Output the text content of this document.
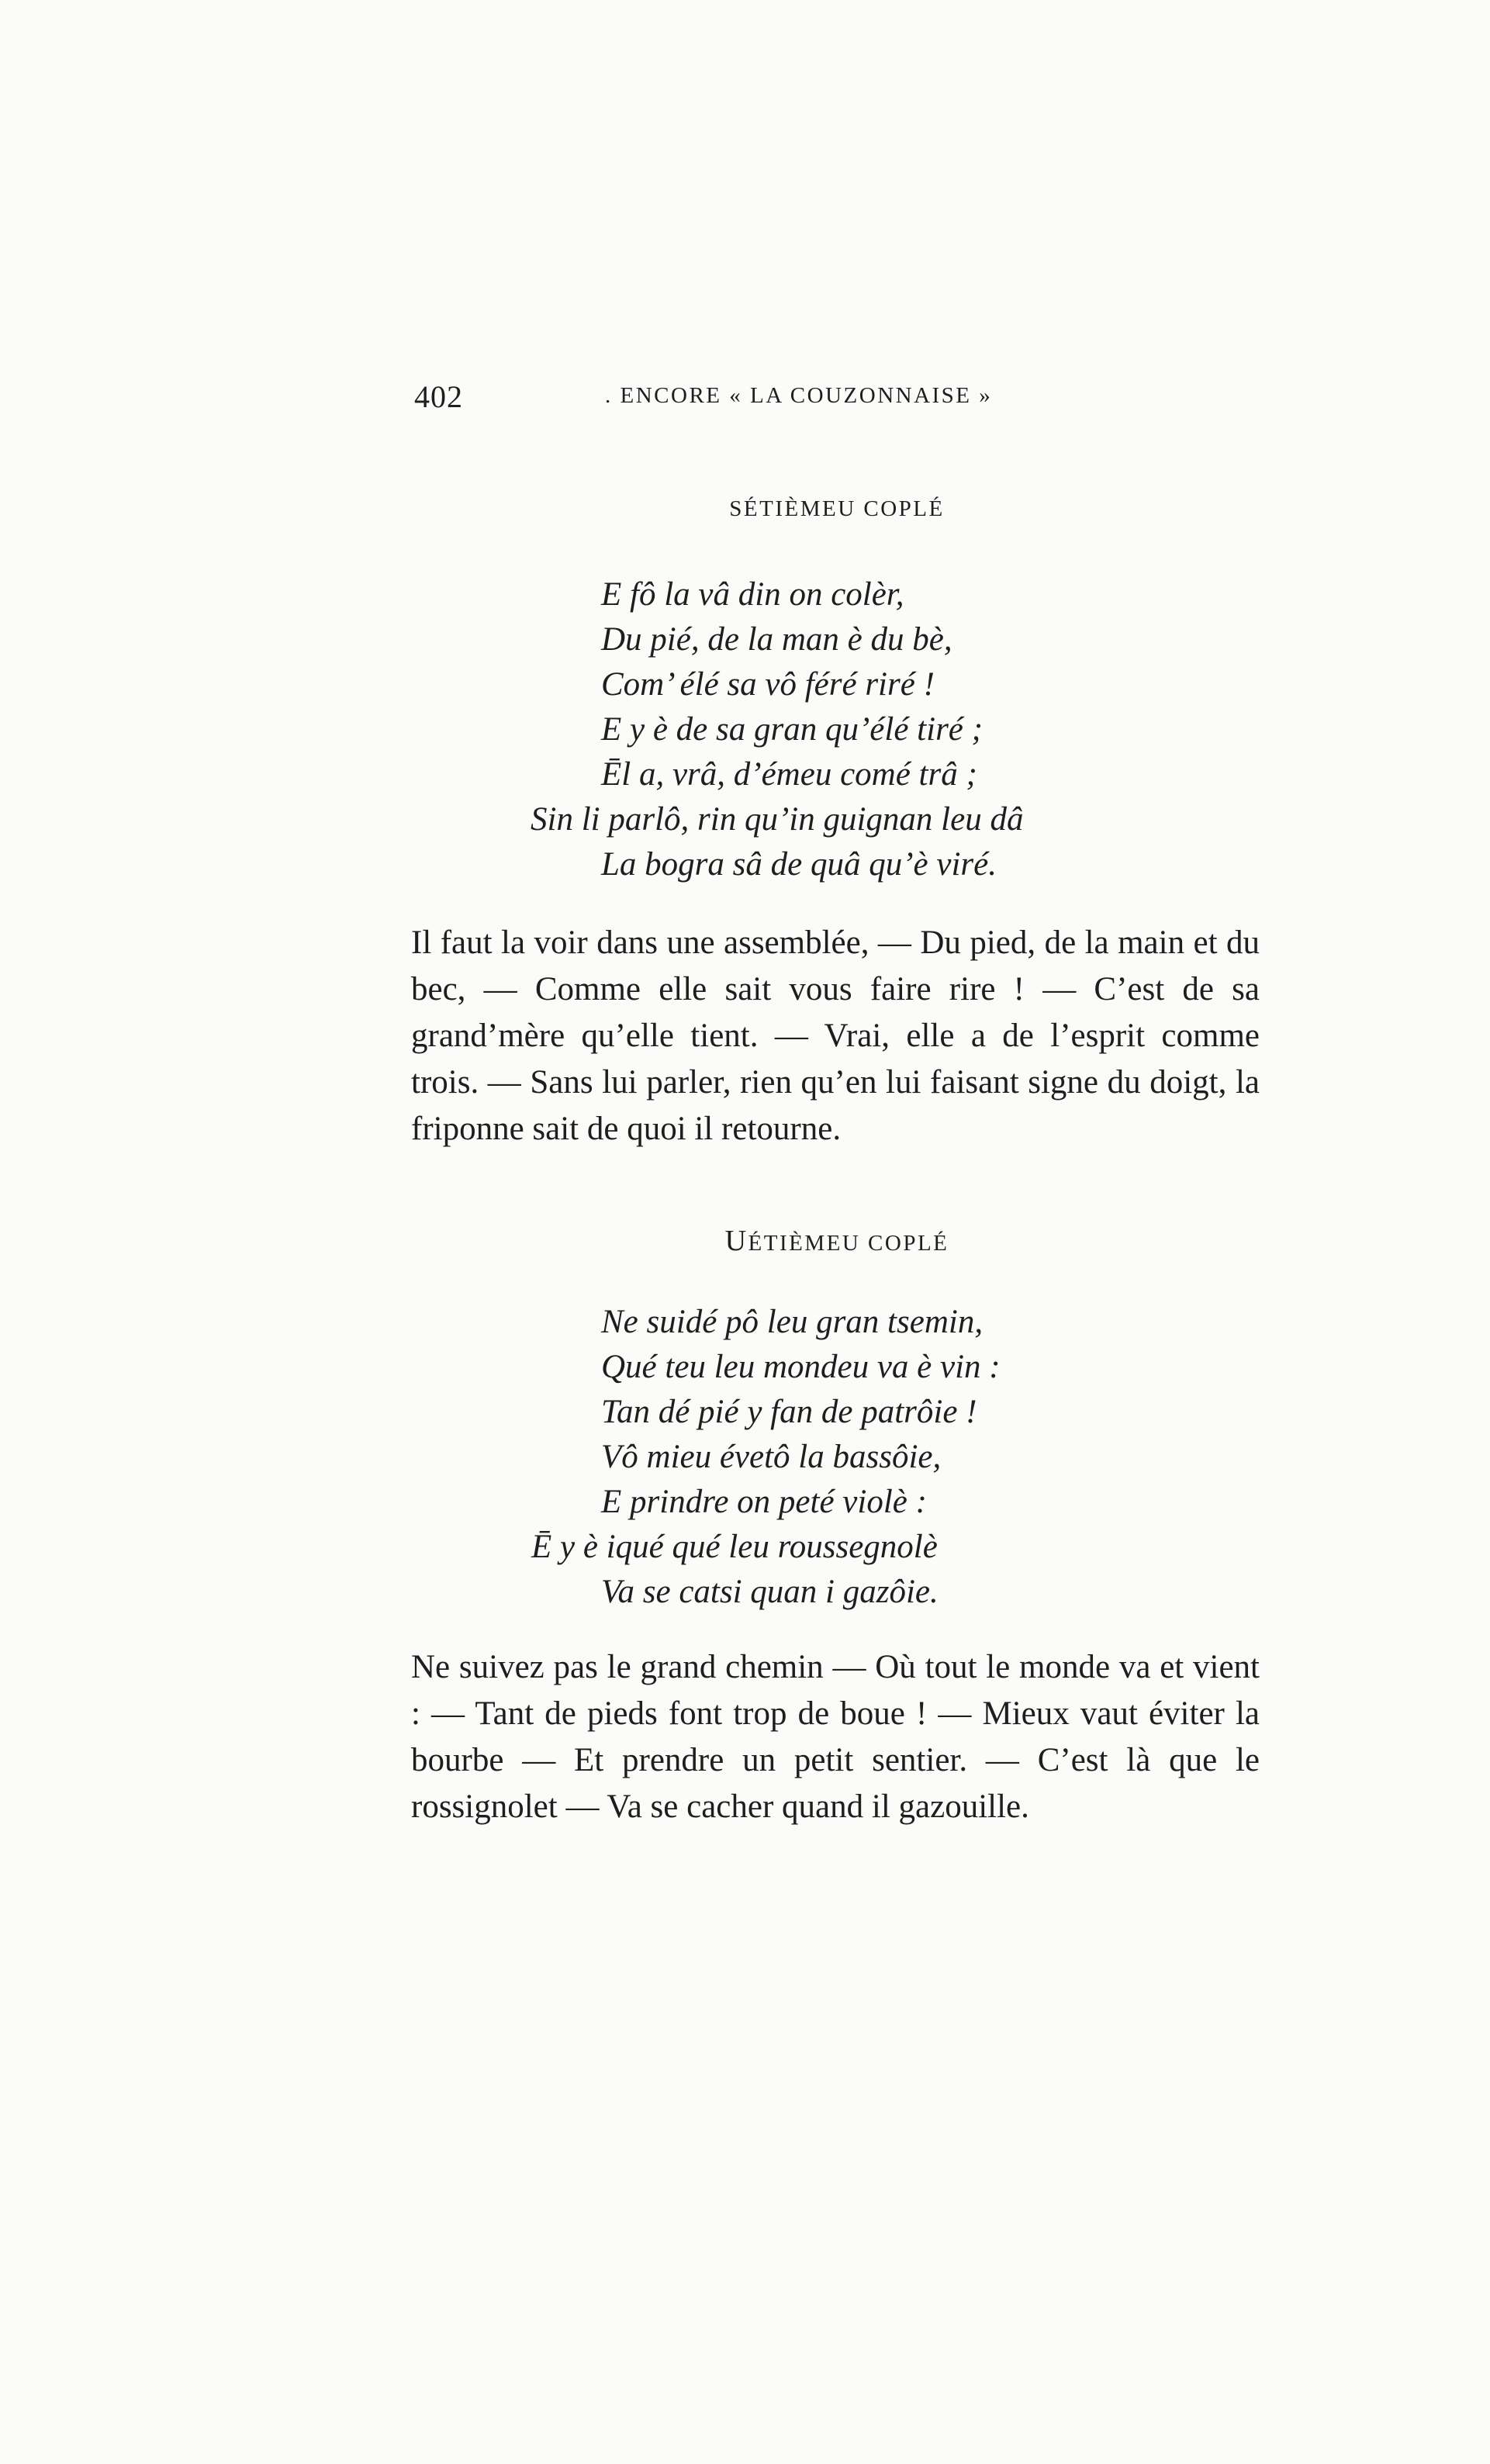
402	. ENCORE « LA COUZONNAISE »
SÉTIÈMEU COPLÉ
E fô la vâ din on colèr,
Du pié, de la man è du bè,
Com’ élé sa vô féré riré !
E y è de sa gran qu’élé tiré ;
Ēl a, vrâ, d’émeu comé trâ ;
Sin li parlô, rin qu’in guignan leu dâ
La bogra sâ de quâ qu’è viré.

Il faut la voir dans une assemblée, — Du pied, de la main et du bec, — Comme elle sait vous faire rire ! — C’est de sa grand’mère qu’elle tient. — Vrai, elle a de l’esprit comme trois. — Sans lui parler, rien qu’en lui faisant signe du doigt, la friponne sait de quoi il retourne.

UÉTIÈMEU COPLÉ
Ne suidé pô leu gran tsemin,
Qué teu leu mondeu va è vin :
Tan dé pié y fan de patrôie !
Vô mieu évetô la bassôie,
E prindre on peté violè :
Ē y è iqué qué leu roussegnolè
Va se catsi quan i gazôie.

Ne suivez pas le grand chemin — Où tout le monde va et vient : — Tant de pieds font trop de boue ! — Mieux vaut éviter la bourbe — Et prendre un petit sentier. — C’est là que le rossignolet — Va se cacher quand il gazouille.
